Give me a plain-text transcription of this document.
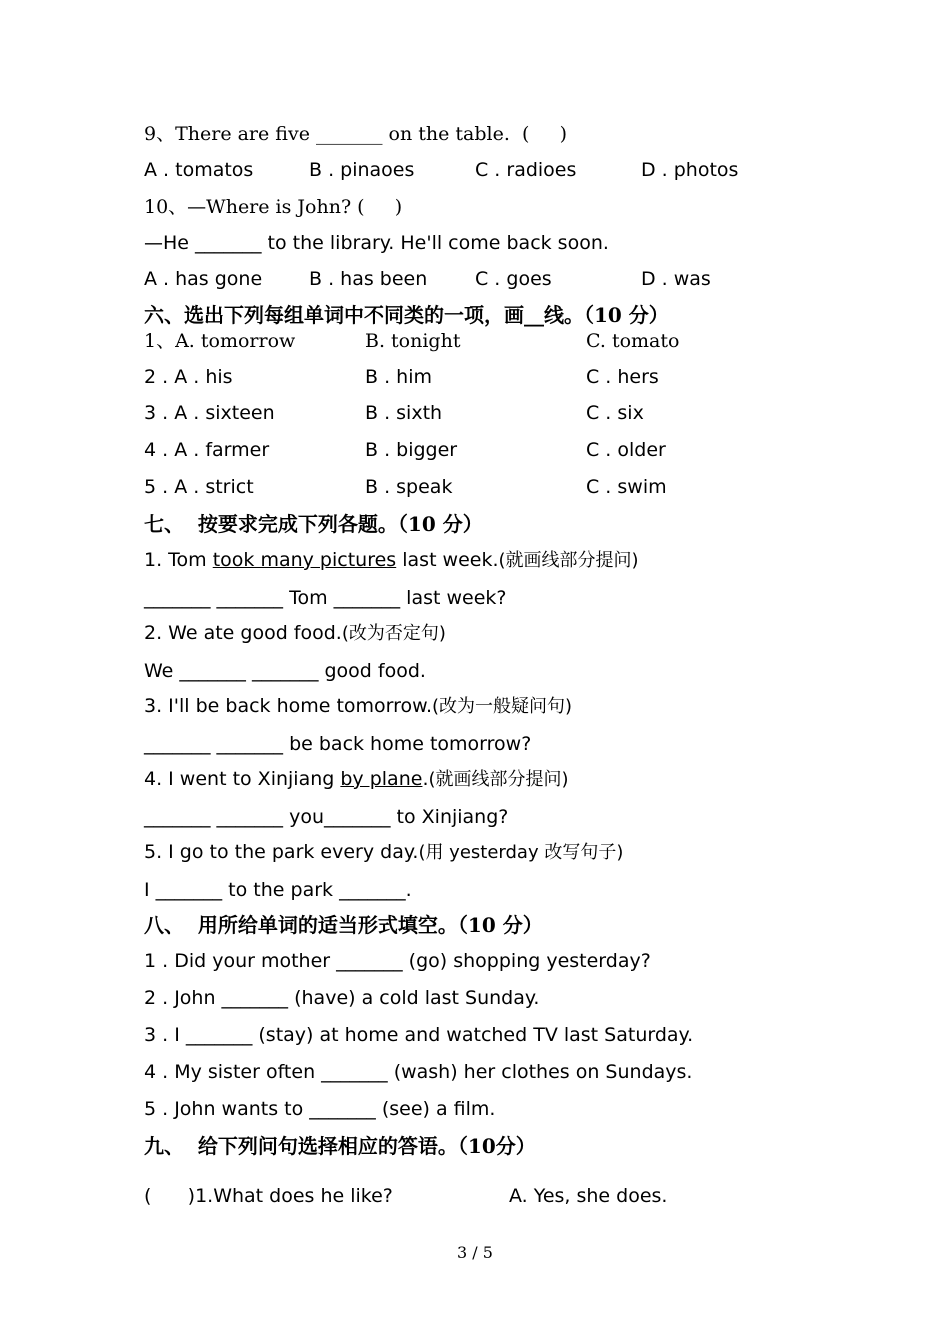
9、There are five _______ on the table.  (     )
A . tomatos	B . pinaoes	C . radioes	D . photos
10、—Where is John? (     )
—He _______ to the library. He'll come back soon.
A . has gone B . has been	C . goes	D . was
六、选出下列每组单词中不同类的一项，画__线。（10 分）
1、A. tomorrow	B. tonight	C. tomato
2 . A . his	B . him	C . hers
3 . A . sixteen	B . sixth	C . six
4 . A . farmer	B . bigger	C . older
5 . A . strict	B . speak	C . swim
七、  按要求完成下列各题。（10 分）
1. Tom took many pictures last week.(就画线部分提问)
_______ _______ Tom _______ last week?
2. We ate good food.(改为否定句)
We _______ _______ good food.
3. I'll be back home tomorrow.(改为一般疑问句)
_______ _______ be back home tomorrow?
4. I went to Xinjiang by plane.(就画线部分提问)
_______ _______ you_______ to Xinjiang?
5. I go to the park every day.(用 yesterday 改写句子)
I _______ to the park _______.
八、  用所给单词的适当形式填空。（10 分）
1 . Did your mother _______ (go) shopping yesterday?
2 . John _______ (have) a cold last Sunday.
3 . I _______ (stay) at home and watched TV last Saturday.
4 . My sister often _______ (wash) her clothes on Sundays.
5 . John wants to _______ (see) a film.
九、  给下列问句选择相应的答语。（10分）
(      )1.What does he like?	A. Yes, she does.
3 / 5
